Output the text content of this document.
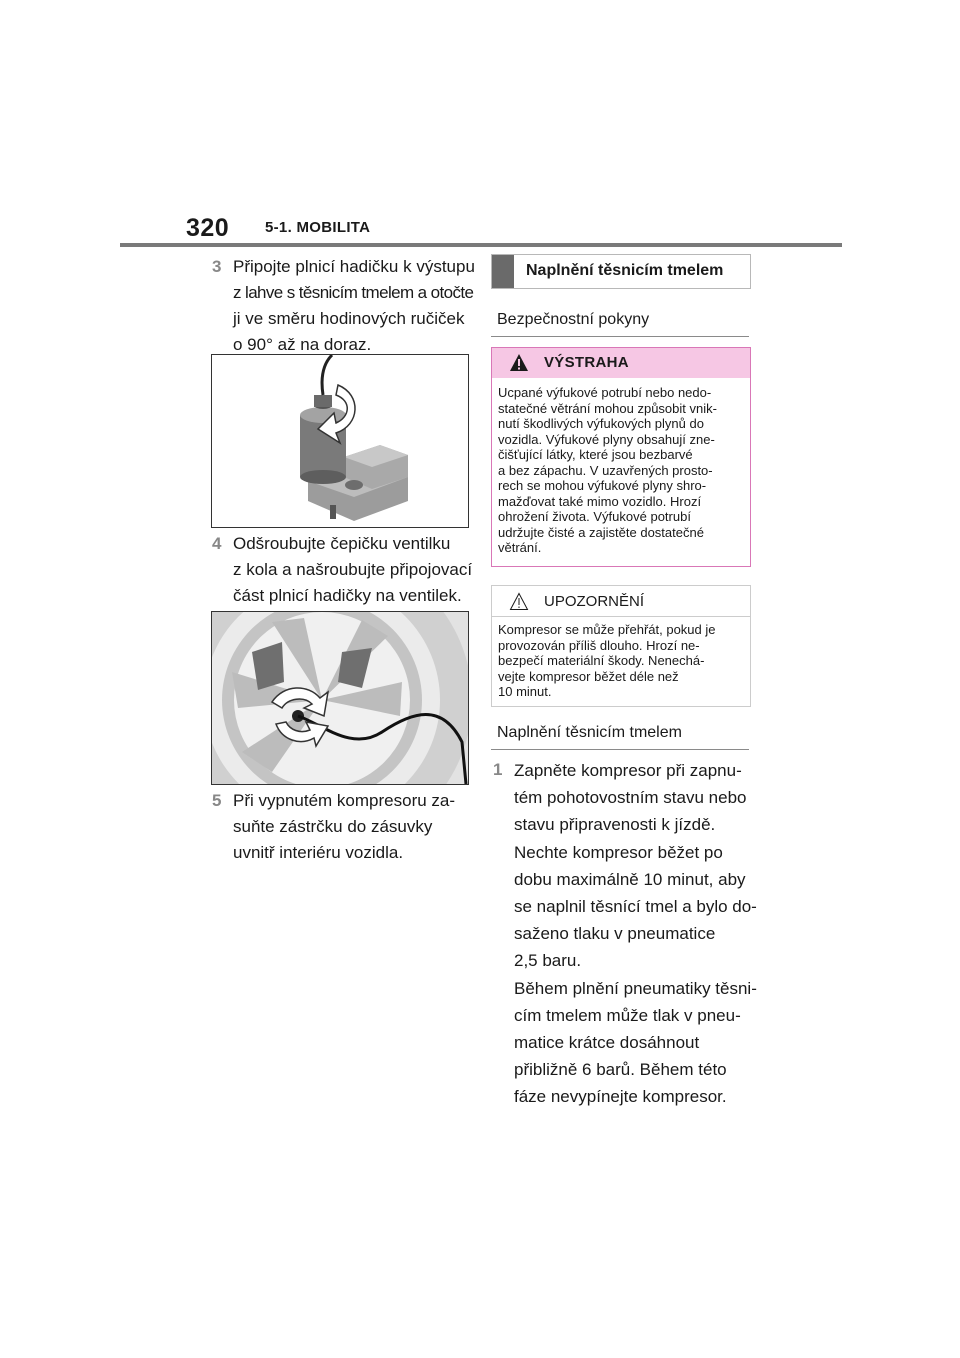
320 5-1. MOBILITA
3 Připojte plnicí hadičku k výstupu
z lahve s těsnicím tmelem a otočte
ji ve směru hodinových ručiček
o 90° až na doraz.
4 Odšroubujte čepičku ventilku
z kola a našroubujte připojovací
část plnicí hadičky na ventilek.
5 Při vypnutém kompresoru za-
suňte zástrčku do zásuvky
uvnitř interiéru vozidla.
Naplnění těsnicím tmelem
Bezpečnostní pokyny
VÝSTRAHA
Ucpané výfukové potrubí nebo nedo-
statečné větrání mohou způsobit vnik-
nutí škodlivých výfukových plynů do
vozidla. Výfukové plyny obsahují zne-
čišťující látky, které jsou bezbarvé
a bez zápachu. V uzavřených prosto-
rech se mohou výfukové plyny shro-
mažďovat také mimo vozidlo. Hrozí
ohrožení života. Výfukové potrubí
udržujte čisté a zajistěte dostatečné
větrání.
UPOZORNĚNÍ
Kompresor se může přehřát, pokud je
provozován příliš dlouho. Hrozí ne-
bezpečí materiální škody. Nenechá-
vejte kompresor běžet déle než
10 minut.
Naplnění těsnicím tmelem
1 Zapněte kompresor při zapnu-
tém pohotovostním stavu nebo
stavu připravenosti k jízdě.
Nechte kompresor běžet po
dobu maximálně 10 minut, aby
se naplnil těsnící tmel a bylo do-
saženo tlaku v pneumatice
2,5 baru.
Během plnění pneumatiky těsni-
cím tmelem může tlak v pneu-
matice krátce dosáhnout
přibližně 6 barů. Během této
fáze nevypínejte kompresor.
